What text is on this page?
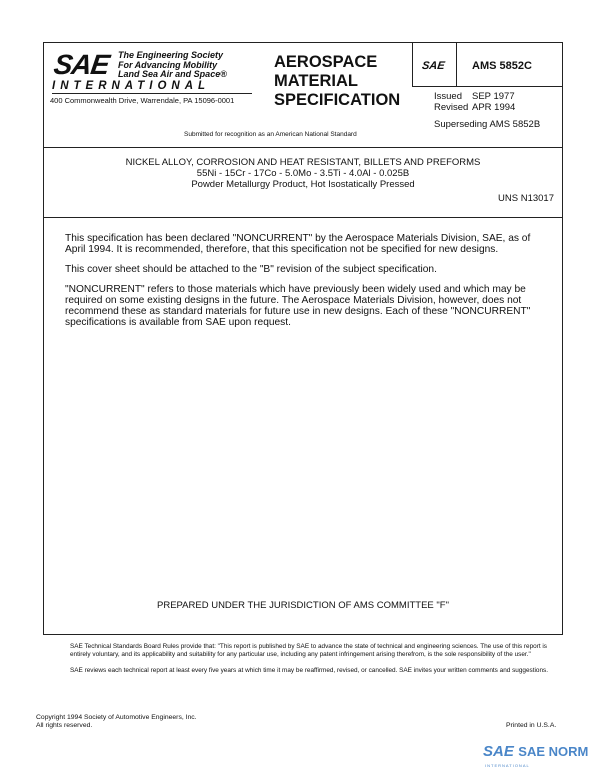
SAE The Engineering Society
For Advancing Mobility
Land Sea Air and Space®
INTERNATIONAL
400 Commonwealth Drive, Warrendale, PA 15096-0001
Submitted for recognition as an American National Standard
AEROSPACE
MATERIAL
SPECIFICATION
SAE AMS 5852C
Issued SEP 1977
Revised APR 1994
Superseding AMS 5852B
NICKEL ALLOY, CORROSION AND HEAT RESISTANT, BILLETS AND PREFORMS
55Ni - 15Cr - 17Co - 5.0Mo - 3.5Ti - 4.0Al - 0.025B
Powder Metallurgy Product, Hot Isostatically Pressed
UNS N13017

This specification has been declared "NONCURRENT" by the Aerospace Materials Division, SAE, as of April 1994. It is recommended, therefore, that this specification not be specified for new designs.

This cover sheet should be attached to the "B" revision of the subject specification.

"NONCURRENT" refers to those materials which have previously been widely used and which may be required on some existing designs in the future. The Aerospace Materials Division, however, does not recommend these as standard materials for future use in new designs. Each of these "NONCURRENT" specifications is available from SAE upon request.

PREPARED UNDER THE JURISDICTION OF AMS COMMITTEE "F"

SAE Technical Standards Board Rules provide that: "This report is published by SAE to advance the state of technical and engineering sciences. The use of this report is entirely voluntary, and its applicability and suitability for any particular use, including any patent infringement arising therefrom, is the sole responsibility of the user."

SAE reviews each technical report at least every five years at which time it may be reaffirmed, revised, or cancelled. SAE invites your written comments and suggestions.

Copyright 1994 Society of Automotive Engineers, Inc.
All rights reserved.	Printed in U.S.A.
SAE SAE NORM
INTERNATIONAL
